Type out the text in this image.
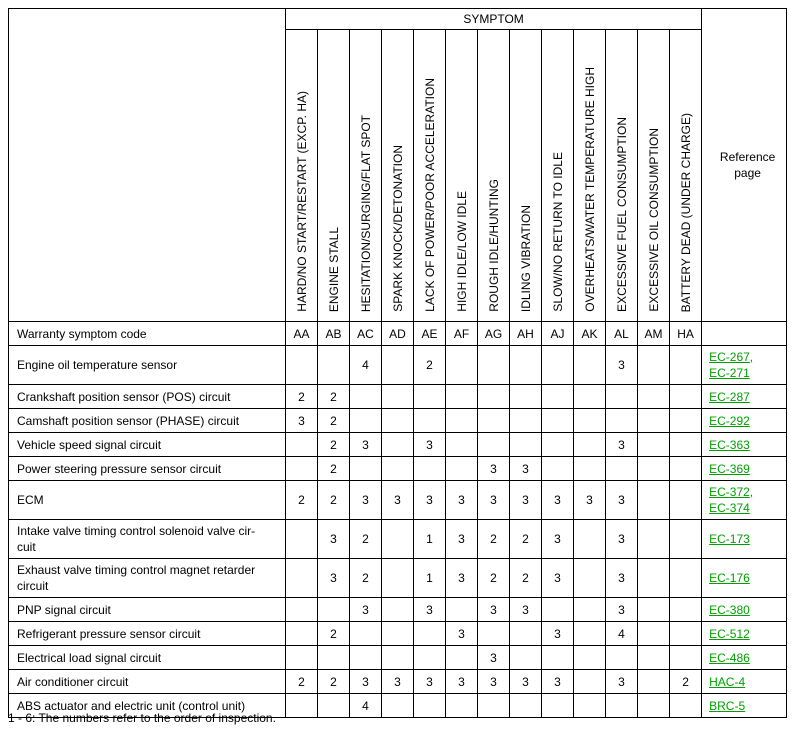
	SYMPTOM													Reference
page

	HARD/NO START/RESTART (EXCP. HA)	ENGINE STALL	HESITATION/SURGING/FLAT SPOT	SPARK KNOCK/DETONATION	LACK OF POWER/POOR ACCELERATION	HIGH IDLE/LOW IDLE	ROUGH IDLE/HUNTING	IDLING VIBRATION	SLOW/NO RETURN TO IDLE	OVERHEATS/WATER TEMPERATURE HIGH	EXCESSIVE FUEL CONSUMPTION	EXCESSIVE OIL CONSUMPTION	BATTERY DEAD (UNDER CHARGE)	
Warranty symptom code	AA	AB	AC	AD	AE	AF	AG	AH	AJ	AK	AL	AM	HA	

Engine oil temperature sensor			4		2						3			EC-267,
EC-271

Crankshaft position sensor (POS) circuit	2	2												EC-287

Camshaft position sensor (PHASE) circuit	3	2												EC-292

Vehicle speed signal circuit		2	3		3						3			EC-363

Power steering pressure sensor circuit		2					3	3						EC-369

ECM	2	2	3	3	3	3	3	3	3	3	3			EC-372,
EC-374

Intake valve timing control solenoid valve cir-
cuit		3	2		1	3	2	2	3		3			EC-173

Exhaust valve timing control magnet retarder
circuit		3	2		1	3	2	2	3		3			EC-176

PNP signal circuit			3		3		3	3			3			EC-380

Refrigerant pressure sensor circuit		2				3			3		4			EC-512

Electrical load signal circuit							3							EC-486

Air conditioner circuit	2	2	3	3	3	3	3	3	3		3		2	HAC-4

ABS actuator and electric unit (control unit)			4											BRC-5
1 - 6: The numbers refer to the order of inspection.
